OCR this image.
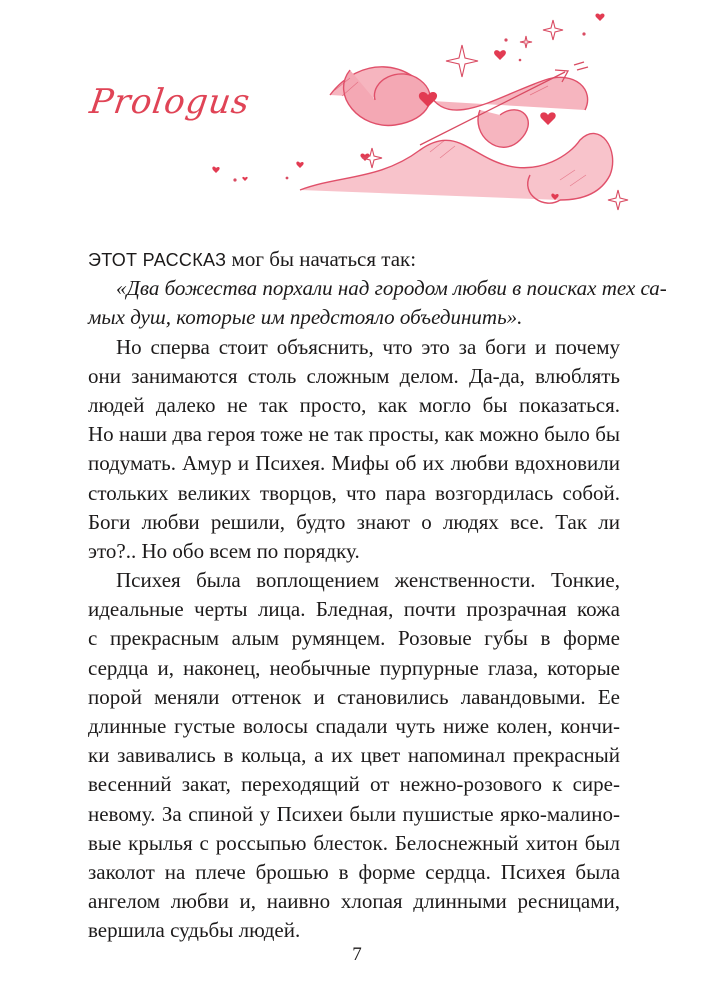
Prologus
ЭТОТ РАССКАЗ мог бы начаться так:
«Два божества порхали над городом любви в поисках тех са-
мых душ, которые им предстояло объединить».
Но сперва стоит объяснить, что это за боги и почему
они занимаются столь сложным делом. Да-да, влюблять
людей далеко не так просто, как могло бы показаться.
Но наши два героя тоже не так просты, как можно было бы
подумать. Амур и Психея. Мифы об их любви вдохновили
стольких великих творцов, что пара возгордилась собой.
Боги любви решили, будто знают о людях все. Так ли
это?.. Но обо всем по порядку.
Психея была воплощением женственности. Тонкие,
идеальные черты лица. Бледная, почти прозрачная кожа
с прекрасным алым румянцем. Розовые губы в форме
сердца и, наконец, необычные пурпурные глаза, которые
порой меняли оттенок и становились лавандовыми. Ее
длинные густые волосы спадали чуть ниже колен, кончи-
ки завивались в кольца, а их цвет напоминал прекрасный
весенний закат, переходящий от нежно-розового к сире-
невому. За спиной у Психеи были пушистые ярко-малино-
вые крылья с россыпью блесток. Белоснежный хитон был
заколот на плече брошью в форме сердца. Психея была
ангелом любви и, наивно хлопая длинными ресницами,
вершила судьбы людей.
7
